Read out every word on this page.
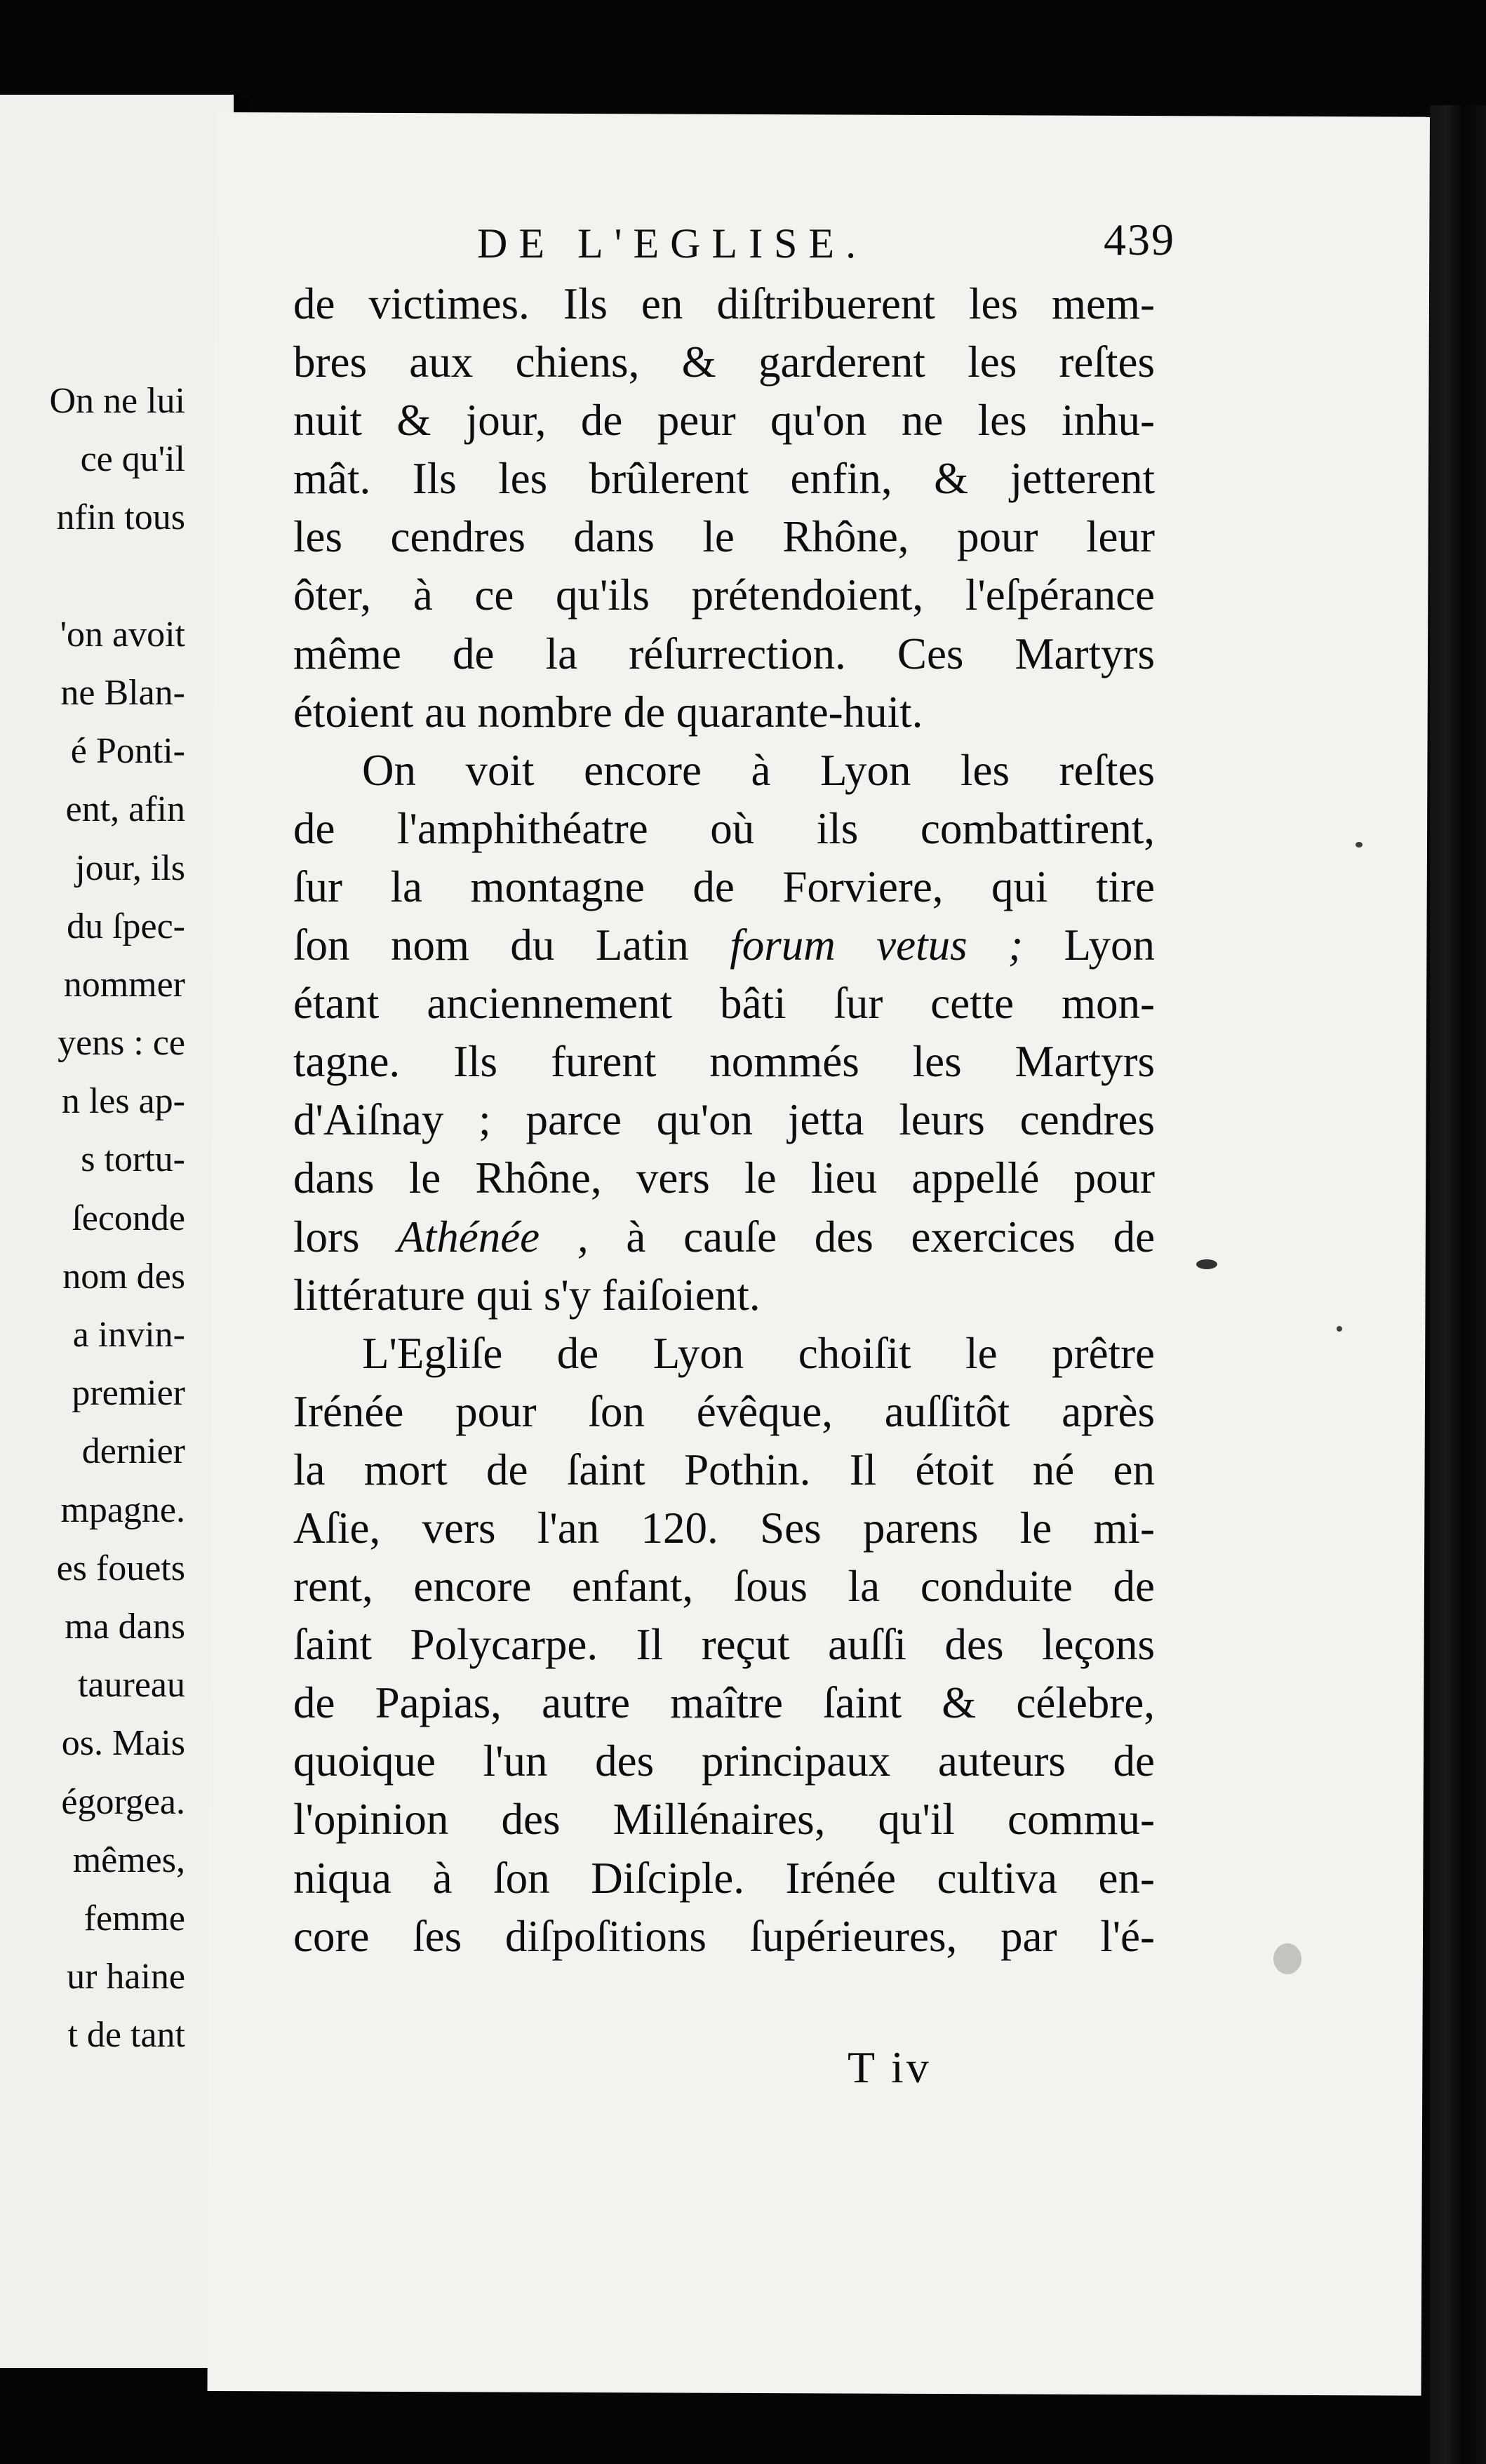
On ne lui
ce qu'il
nfin tous
'on avoit
ne Blan-
é Ponti-
ent, afin
jour, ils
du ſpec-
nommer
yens : ce
n les ap-
s tortu-
ſeconde
nom des
a invin-
premier
dernier
mpagne.
es fouets
ma dans
taureau
os. Mais
égorgea.
mêmes,
femme
ur haine
t de tant
DE L'EGLISE.	439
de victimes. Ils en diſtribuerent les mem-
bres aux chiens, & garderent les reſtes
nuit & jour, de peur qu'on ne les inhu-
mât. Ils les brûlerent enfin, & jetterent
les cendres dans le Rhône, pour leur
ôter, à ce qu'ils prétendoient, l'eſpérance
même de la réſurrection. Ces Martyrs
étoient au nombre de quarante-huit.
On voit encore à Lyon les reſtes
de l'amphithéatre où ils combattirent,
ſur la montagne de Forviere, qui tire
ſon nom du Latin forum vetus ; Lyon
étant anciennement bâti ſur cette mon-
tagne. Ils furent nommés les Martyrs
d'Aiſnay ; parce qu'on jetta leurs cendres
dans le Rhône, vers le lieu appellé pour
lors Athénée , à cauſe des exercices de
littérature qui s'y faiſoient.
L'Egliſe de Lyon choiſit le prêtre
Irénée pour ſon évêque, auſſitôt après
la mort de ſaint Pothin. Il étoit né en
Aſie, vers l'an 120. Ses parens le mi-
rent, encore enfant, ſous la conduite de
ſaint Polycarpe. Il reçut auſſi des leçons
de Papias, autre maître ſaint & célebre,
quoique l'un des principaux auteurs de
l'opinion des Millénaires, qu'il commu-
niqua à ſon Diſciple. Irénée cultiva en-
core ſes diſpoſitions ſupérieures, par l'é-
T iv
